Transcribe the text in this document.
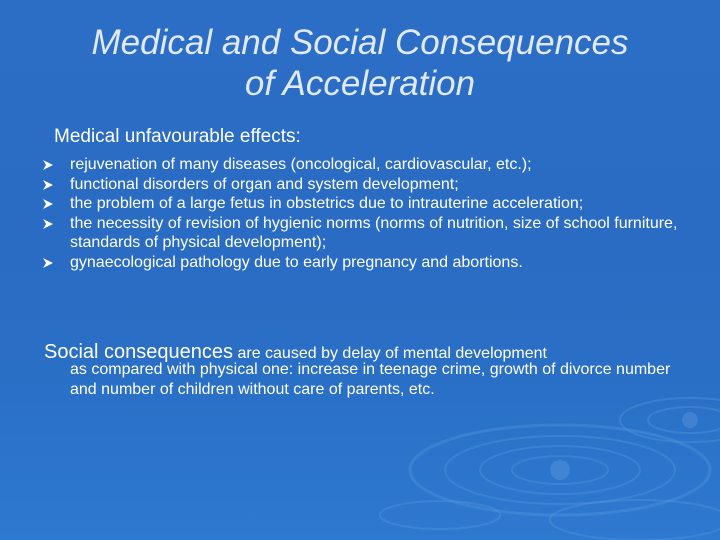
Medical and Social Consequences
of Acceleration
Medical unfavourable effects:
rejuvenation of many diseases (oncological, cardiovascular, etc.);
functional disorders of organ and system development;
the problem of a large fetus in obstetrics due to intrauterine acceleration;
the necessity of revision of hygienic norms (norms of nutrition, size of school furniture, standards of physical development);
gynaecological pathology due to early pregnancy and abortions.
Social consequences are caused by delay of mental development
as compared with physical one: increase in teenage crime, growth of divorce number and number of children without care of parents, etc.
